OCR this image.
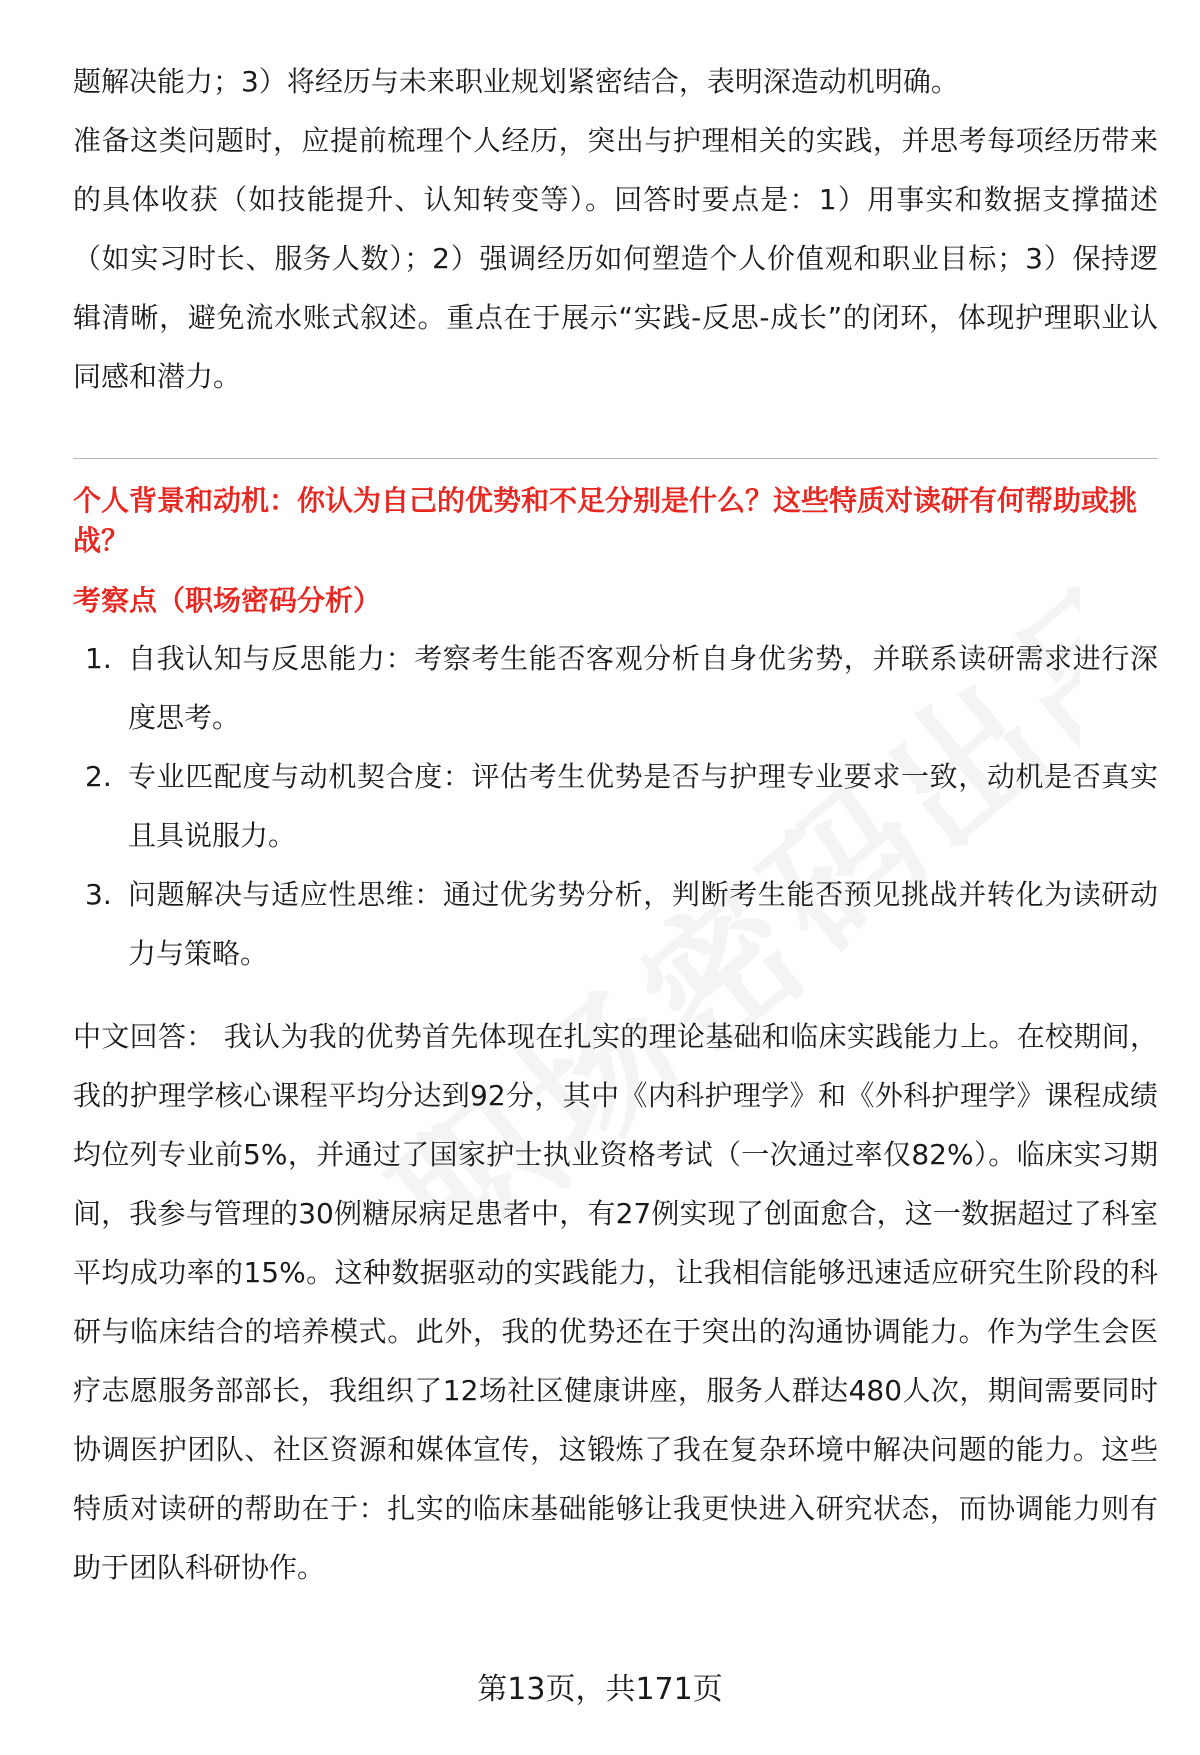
题解决能力；3）将经历与未来职业规划紧密结合，表明深造动机明确。

准备这类问题时，应提前梳理个人经历，突出与护理相关的实践，并思考每项经历带来的具体收获（如技能提升、认知转变等）。回答时要点是：1）用事实和数据支撑描述（如实习时长、服务人数）；2）强调经历如何塑造个人价值观和职业目标；3）保持逻辑清晰，避免流水账式叙述。重点在于展示“实践-反思-成长”的闭环，体现护理职业认同感和潜力。

个人背景和动机：你认为自己的优势和不足分别是什么？这些特质对读研有何帮助或挑战？
考察点（职场密码分析）
1. 自我认知与反思能力：考察考生能否客观分析自身优劣势，并联系读研需求进行深度思考。
2. 专业匹配度与动机契合度：评估考生优势是否与护理专业要求一致，动机是否真实且具说服力。
3. 问题解决与适应性思维：通过优劣势分析，判断考生能否预见挑战并转化为读研动力与策略。

中文回答： 我认为我的优势首先体现在扎实的理论基础和临床实践能力上。在校期间，我的护理学核心课程平均分达到92分，其中《内科护理学》和《外科护理学》课程成绩均位列专业前5%，并通过了国家护士执业资格考试（一次通过率仅82%）。临床实习期间，我参与管理的30例糖尿病足患者中，有27例实现了创面愈合，这一数据超过了科室平均成功率的15%。这种数据驱动的实践能力，让我相信能够迅速适应研究生阶段的科研与临床结合的培养模式。此外，我的优势还在于突出的沟通协调能力。作为学生会医疗志愿服务部部长，我组织了12场社区健康讲座，服务人群达480人次，期间需要同时协调医护团队、社区资源和媒体宣传，这锻炼了我在复杂环境中解决问题的能力。这些特质对读研的帮助在于：扎实的临床基础能够让我更快进入研究状态，而协调能力则有助于团队科研协作。

第13页，共171页
